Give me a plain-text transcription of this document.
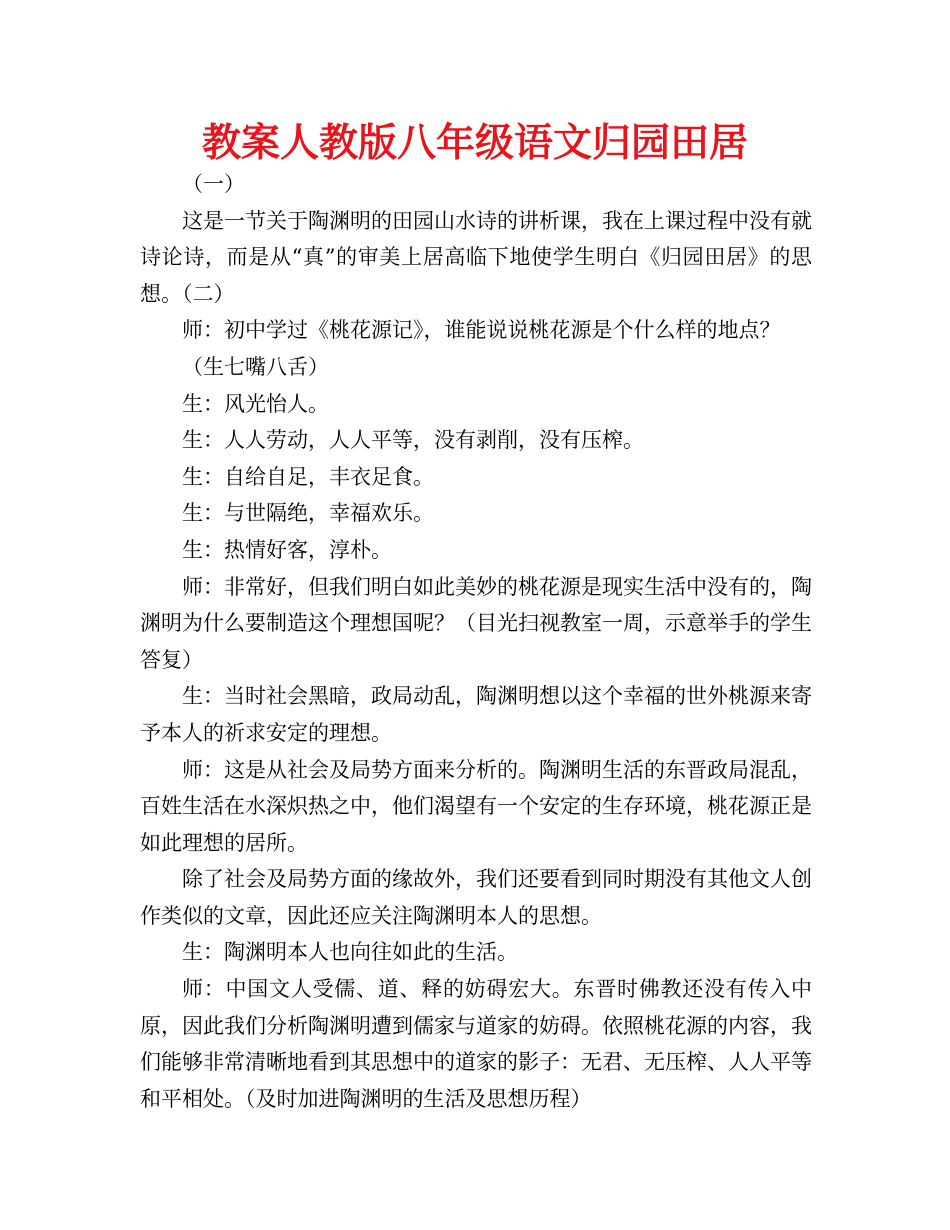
教案人教版八年级语文归园田居

（一）

这是一节关于陶渊明的田园山水诗的讲析课，我在上课过程中没有就诗论诗，而是从“真”的审美上居高临下地使学生明白《归园田居》的思想。（二）

师：初中学过《桃花源记》，谁能说说桃花源是个什么样的地点？

（生七嘴八舌）

生：风光怡人。

生：人人劳动，人人平等，没有剥削，没有压榨。

生：自给自足，丰衣足食。

生：与世隔绝，幸福欢乐。

生：热情好客，淳朴。

师：非常好，但我们明白如此美妙的桃花源是现实生活中没有的，陶渊明为什么要制造这个理想国呢？（目光扫视教室一周，示意举手的学生答复）

生：当时社会黑暗，政局动乱，陶渊明想以这个幸福的世外桃源来寄予本人的祈求安定的理想。

师：这是从社会及局势方面来分析的。陶渊明生活的东晋政局混乱，百姓生活在水深炽热之中，他们渴望有一个安定的生存环境，桃花源正是如此理想的居所。

除了社会及局势方面的缘故外，我们还要看到同时期没有其他文人创作类似的文章，因此还应关注陶渊明本人的思想。

生：陶渊明本人也向往如此的生活。

师：中国文人受儒、道、释的妨碍宏大。东晋时佛教还没有传入中原，因此我们分析陶渊明遭到儒家与道家的妨碍。依照桃花源的内容，我们能够非常清晰地看到其思想中的道家的影子：无君、无压榨、人人平等和平相处。（及时加进陶渊明的生活及思想历程）
